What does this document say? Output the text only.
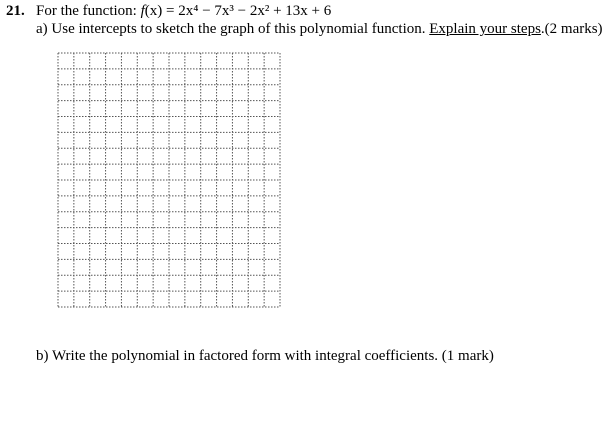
21. For the function: f(x) = 2x⁴ − 7x³ − 2x² + 13x + 6
a) Use intercepts to sketch the graph of this polynomial function. Explain your steps.(2 marks)
b) Write the polynomial in factored form with integral coefficients. (1 mark)
